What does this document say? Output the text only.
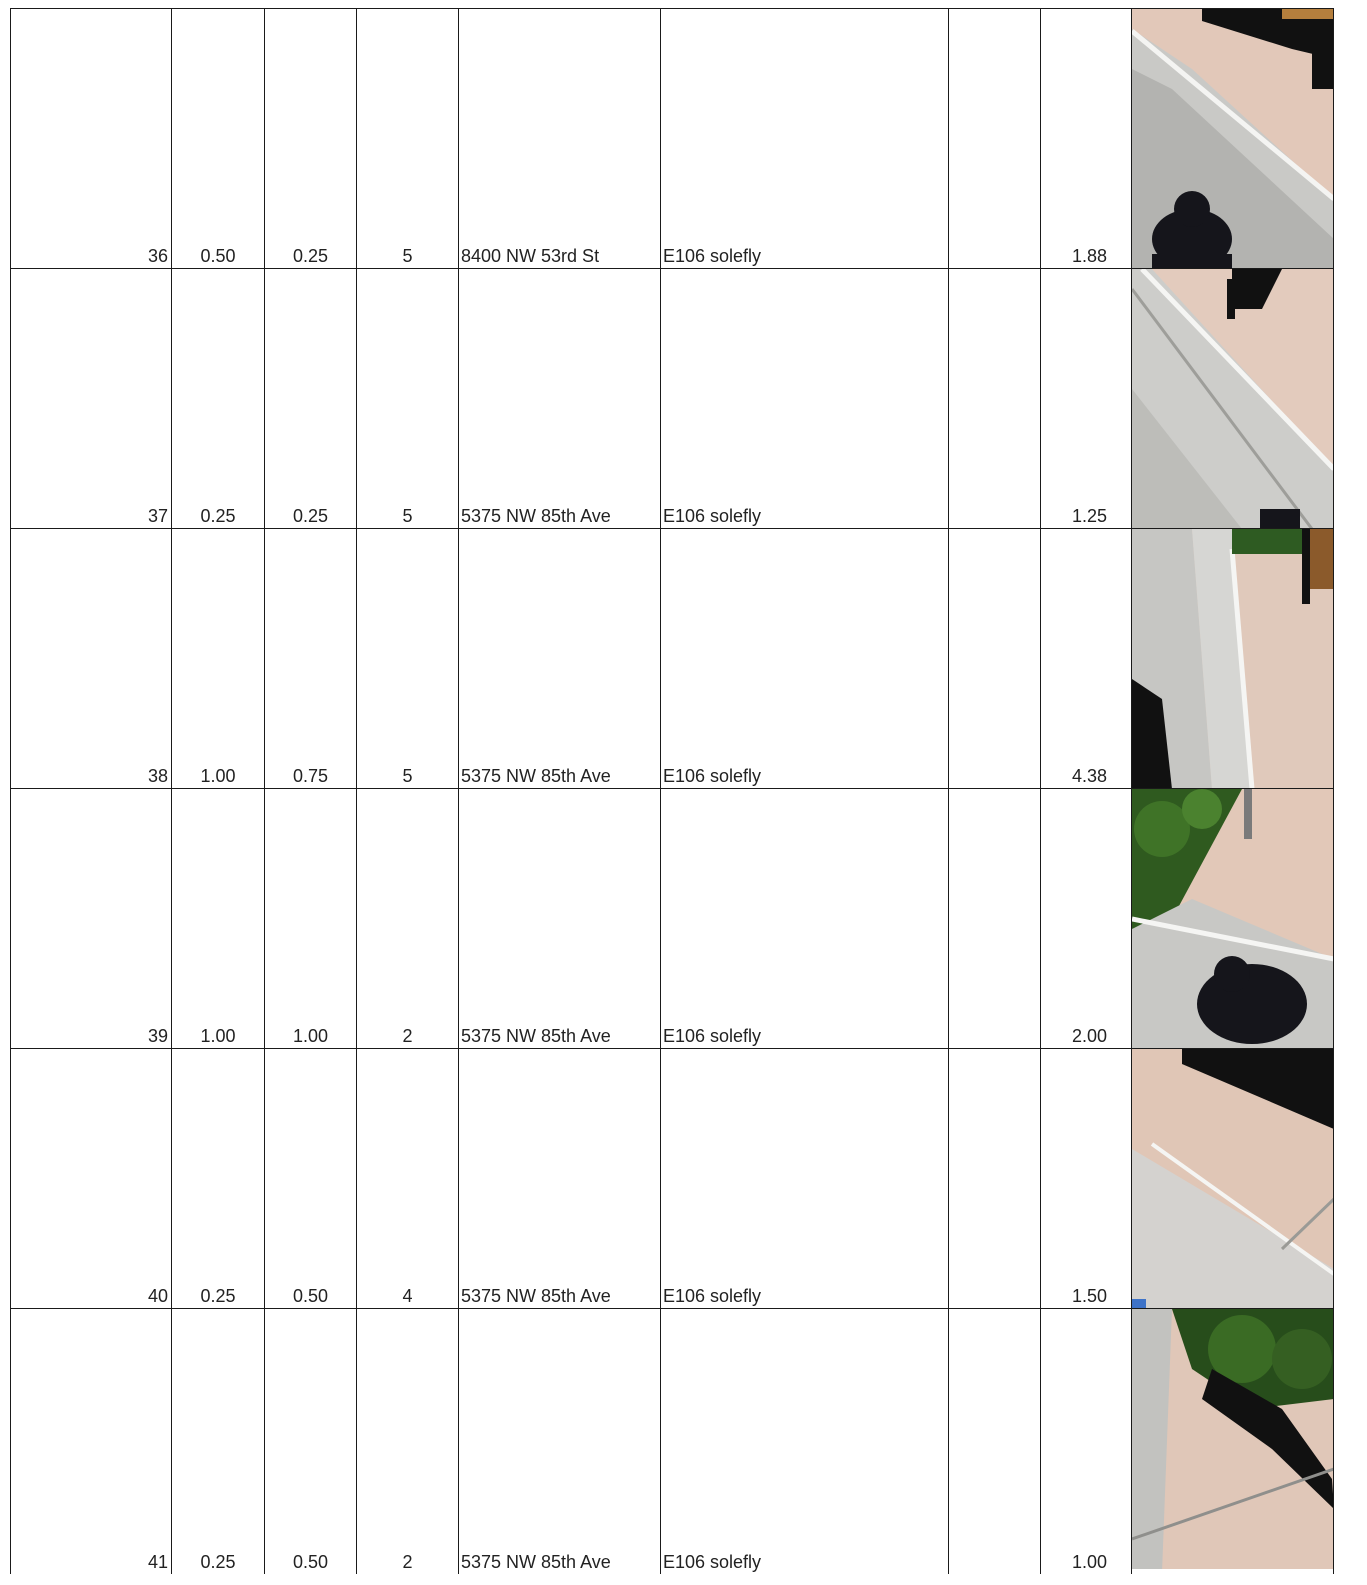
36	0.50	0.25	5	8400 NW 53rd St	E106 solefly		1.88	

37	0.25	0.25	5	5375 NW 85th Ave	E106 solefly		1.25	

38	1.00	0.75	5	5375 NW 85th Ave	E106 solefly		4.38	

39	1.00	1.00	2	5375 NW 85th Ave	E106 solefly		2.00	

40	0.25	0.50	4	5375 NW 85th Ave	E106 solefly		1.50	

41	0.25	0.50	2	5375 NW 85th Ave	E106 solefly		1.00	
